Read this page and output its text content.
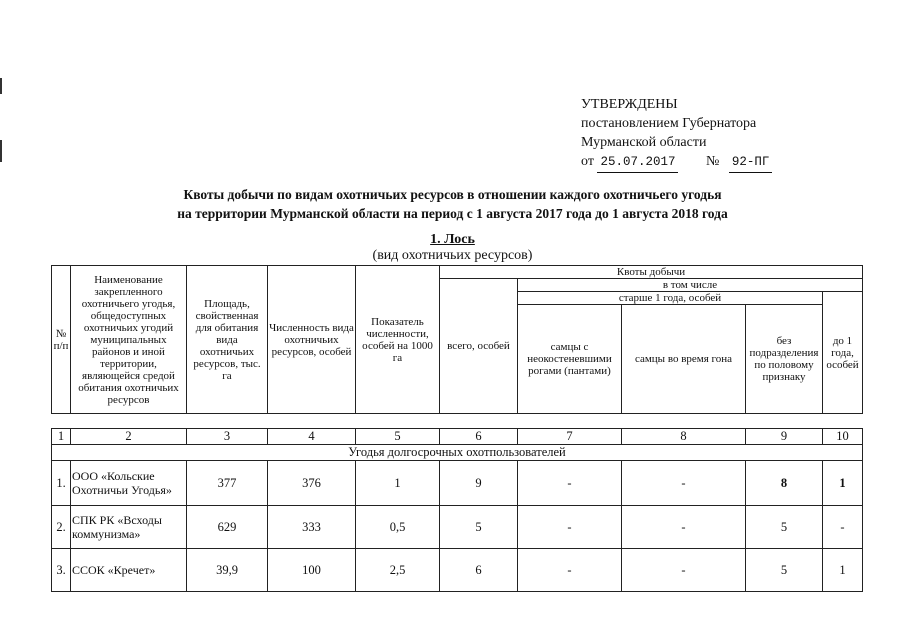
УТВЕРЖДЕНЫ
постановлением Губернатора
Мурманской области
от 25.07.2017 № 92-ПГ
Квоты добычи по видам охотничьих ресурсов в отношении каждого охотничьего угодья
на территории Мурманской области на период с 1 августа 2017 года до 1 августа 2018 года
1. Лось
(вид охотничьих ресурсов)
№ п/п	Наименование закрепленного охотничьего угодья, общедоступных охотничьих угодий муниципальных районов и иной территории, являющейся средой обитания охотничьих ресурсов	Площадь, свойственная для обитания вида охотничьих ресурсов, тыс. га	Численность вида охотничьих ресурсов, особей	Показатель численности, особей на 1000 га	Квоты добычи				
					всего, особей	в том числе			
						старше 1 года, особей			до 1 года, особей
						самцы с неокостеневшими рогами (пантами)	самцы во время гона	без подразделения по половому признаку	
1	2	3	4	5	6	7	8	9	10
Угодья долгосрочных охотпользователей									
1.	ООО «Кольские Охотничьи Угодья»	377	376	1	9	-	-	8	1
2.	СПК РК «Всходы коммунизма»	629	333	0,5	5	-	-	5	-
3.	ССОК «Кречет»	39,9	100	2,5	6	-	-	5	1
